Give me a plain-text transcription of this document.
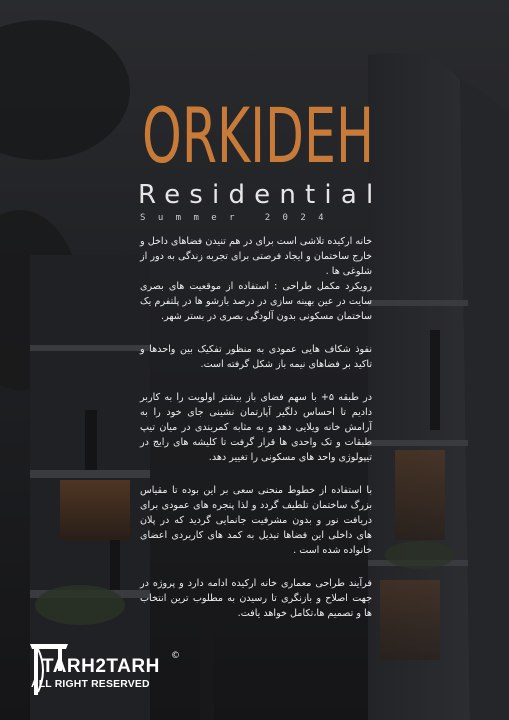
ORKIDEH
Residential
Summer 2024

خانه ارکیده تلاشی است برای در هم تنیدن فضاهای داخل و خارج ساختمان و ایجاد فرصتی برای تجربه زندگی به دور از شلوغی ها .

رویکرد مکمل طراحی : استفاده از موقعیت های بصری سایت در عین بهینه سازی در درصد بازشو ها در پلتفرم یک ساختمان مسکونی بدون آلودگی بصری در بستر شهر.

نفوذ شکاف هایی عمودی به منظور تفکیک بین واحدها و تاکید بر فضاهای نیمه باز شکل گرفته است.

در طبقه ۵+ با سهم فضای باز بیشتر اولویت را به کاربر دادیم تا احساس دلگیر آپارتمان نشینی جای خود را به آرامش خانه ویلایی دهد و به مثابه کمربندی در میان تیپ طبقات و تک واحدی ها قرار گرفت تا کلیشه های رایج در تیپولوژی واحد های مسکونی را تغییر دهد.

با استفاده از خطوط منحنی سعی بر این بوده تا مقیاس بزرگ ساختمان تلطیف گردد و لذا پنجره های عمودی برای دریافت نور و بدون مشرفیت جانمایی گردید که در پلان های داخلی این فضاها تبدیل به کمد های کاربردی اعضای خانواده شده است .

فرآیند طراحی معماری خانه ارکیده ادامه دارد و پروژه در جهت اصلاح و بازنگری تا رسیدن به مطلوب ترین انتخاب ها و تصمیم ها،تکامل خواهد یافت.

TARH2TARH ©
ALL RIGHT RESERVED
